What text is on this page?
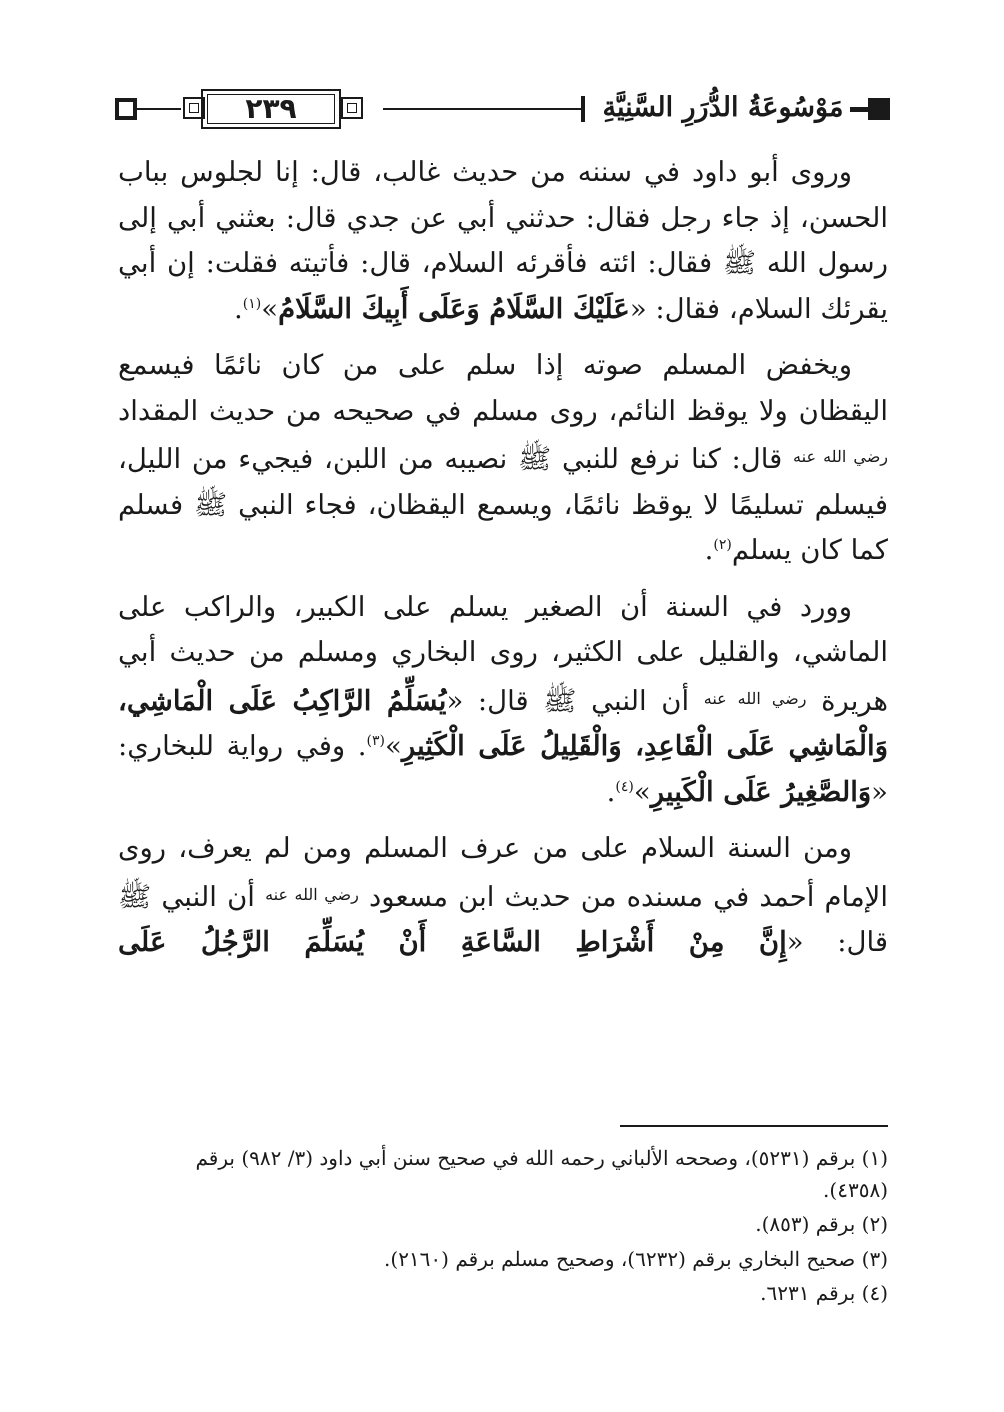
٢٣٩	مَوْسُوعَةُ الدُّرَرِ السَّنِيَّةِ

وروى أبو داود في سننه من حديث غالب، قال: إنا لجلوس بباب الحسن، إذ جاء رجل فقال: حدثني أبي عن جدي قال: بعثني أبي إلى رسول الله ﷺ فقال: ائته فأقرئه السلام، قال: فأتيته فقلت: إن أبي يقرئك السلام، فقال: «عَلَيْكَ السَّلَامُ وَعَلَى أَبِيكَ السَّلَامُ»$^{(١)}$.

ويخفض المسلم صوته إذا سلم على من كان نائمًا فيسمع اليقظان ولا يوقظ النائم، روى مسلم في صحيحه من حديث المقداد $^{رضي الله عنه}$ قال: كنا نرفع للنبي ﷺ نصيبه من اللبن، فيجيء من الليل، فيسلم تسليمًا لا يوقظ نائمًا، ويسمع اليقظان، فجاء النبي ﷺ فسلم كما كان يسلم$^{(٢)}$.

وورد في السنة أن الصغير يسلم على الكبير، والراكب على الماشي، والقليل على الكثير، روى البخاري ومسلم من حديث أبي هريرة $^{رضي الله عنه}$ أن النبي ﷺ قال: «يُسَلِّمُ الرَّاكِبُ عَلَى الْمَاشِي، وَالْمَاشِي عَلَى الْقَاعِدِ، وَالْقَلِيلُ عَلَى الْكَثِيرِ»$^{(٣)}$. وفي رواية للبخاري: «وَالصَّغِيرُ عَلَى الْكَبِيرِ»$^{(٤)}$.

ومن السنة السلام على من عرف المسلم ومن لم يعرف، روى الإمام أحمد في مسنده من حديث ابن مسعود $^{رضي الله عنه}$ أن النبي ﷺ قال: «إِنَّ مِنْ أَشْرَاطِ السَّاعَةِ أَنْ يُسَلِّمَ الرَّجُلُ عَلَى

(١) برقم (٥٢٣١)، وصححه الألباني رحمه الله في صحيح سنن أبي داود (٣/ ٩٨٢) برقم (٤٣٥٨).
(٢) برقم (٨٥٣).
(٣) صحيح البخاري برقم (٦٢٣٢)، وصحيح مسلم برقم (٢١٦٠).
(٤) برقم ٦٢٣١.
